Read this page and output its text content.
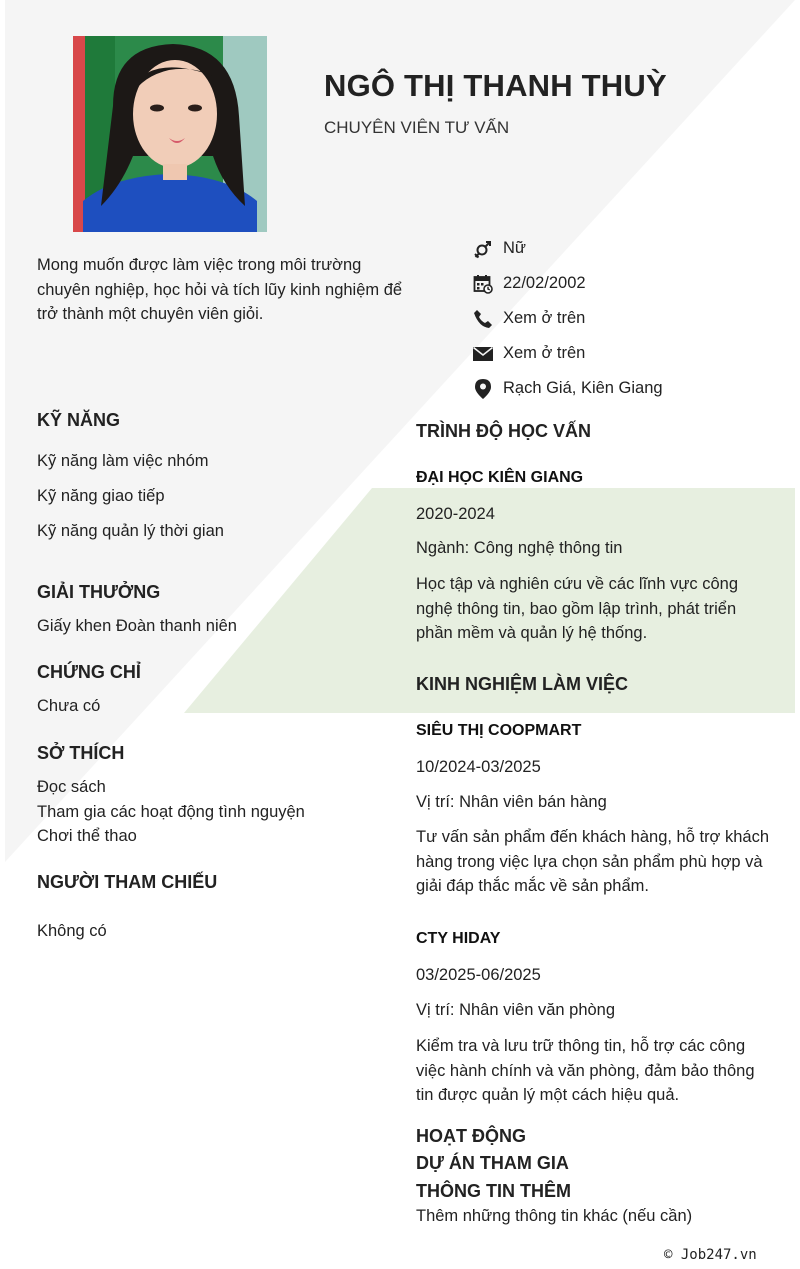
NGÔ THỊ THANH THUỲ
CHUYÊN VIÊN TƯ VẤN
Mong muốn được làm việc trong môi trường chuyên nghiệp, học hỏi và tích lũy kinh nghiệm để trở thành một chuyên viên giỏi.
Nữ
22/02/2002
Xem ở trên
Xem ở trên
Rạch Giá, Kiên Giang
KỸ NĂNG
Kỹ năng làm việc nhóm
Kỹ năng giao tiếp
Kỹ năng quản lý thời gian
GIẢI THƯỞNG
Giấy khen Đoàn thanh niên
CHỨNG CHỈ
Chưa có
SỞ THÍCH
Đọc sách
Tham gia các hoạt động tình nguyện
Chơi thể thao
NGƯỜI THAM CHIẾU
Không có
TRÌNH ĐỘ HỌC VẤN
ĐẠI HỌC KIÊN GIANG
2020-2024
Ngành: Công nghệ thông tin
Học tập và nghiên cứu về các lĩnh vực công nghệ thông tin, bao gồm lập trình, phát triển phần mềm và quản lý hệ thống.
KINH NGHIỆM LÀM VIỆC
SIÊU THỊ COOPMART
10/2024-03/2025
Vị trí: Nhân viên bán hàng
Tư vấn sản phẩm đến khách hàng, hỗ trợ khách hàng trong việc lựa chọn sản phẩm phù hợp và giải đáp thắc mắc về sản phẩm.
CTY HIDAY
03/2025-06/2025
Vị trí: Nhân viên văn phòng
Kiểm tra và lưu trữ thông tin, hỗ trợ các công việc hành chính và văn phòng, đảm bảo thông tin được quản lý một cách hiệu quả.
HOẠT ĐỘNG
DỰ ÁN THAM GIA
THÔNG TIN THÊM
Thêm những thông tin khác (nếu cần)
© Job247.vn
